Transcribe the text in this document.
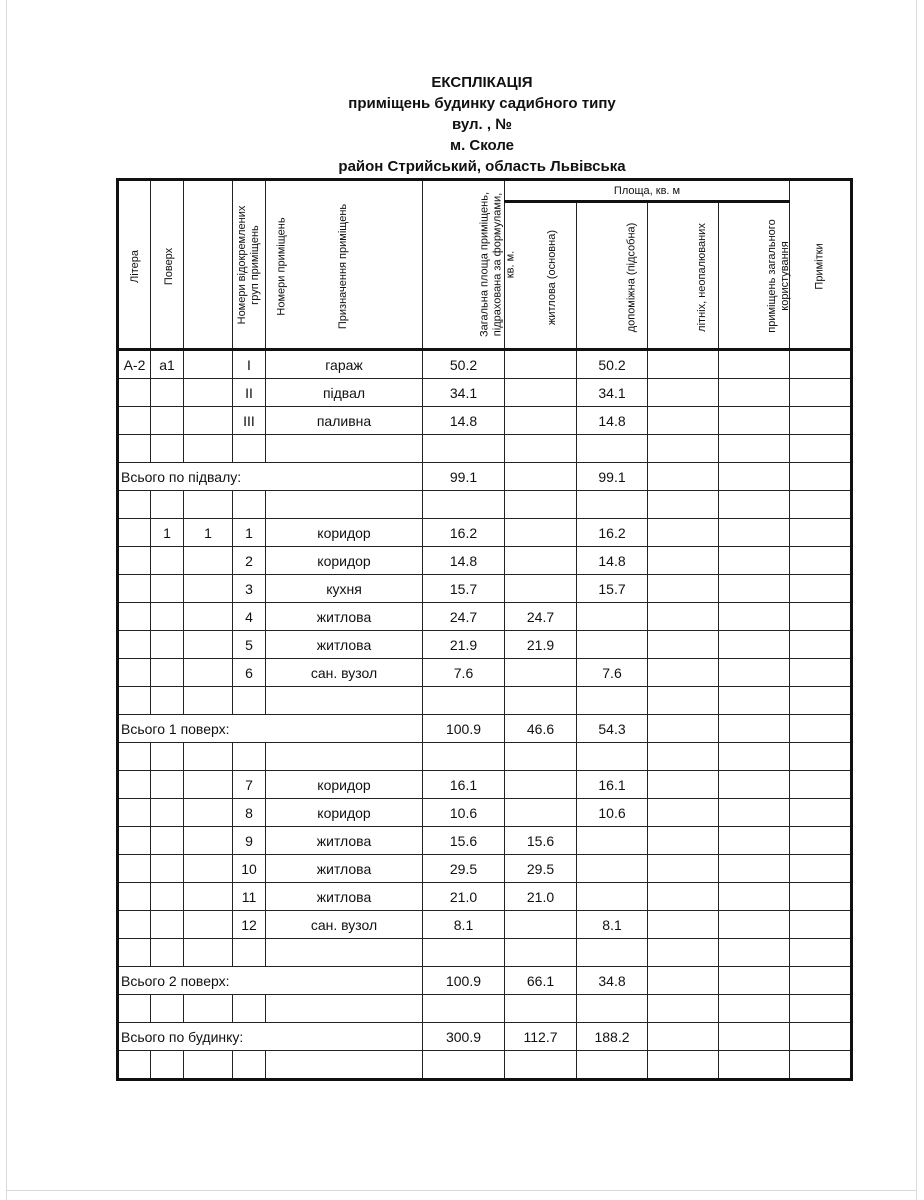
ЕКСПЛІКАЦІЯ
приміщень будинку садибного типу
вул. , №
м. Сколе
район Стрийський, область Львівська
Літера	Поверх	Номери відокремлених груп приміщень	Номери приміщень	Призначення приміщень	Загальна площа приміщень, підрахована за формулами, кв. м.	Площа, кв. м				Примітки
						житлова (основна)	допоміжна (підсобна)	літніх, неопалюваних	приміщень загального користування	
А-2	а1		I	гараж	50.2		50.2			
			II	підвал	34.1		34.1			
			III	паливна	14.8		14.8			

Всього по підвалу:					99.1		99.1			

	1	1	1	коридор	16.2		16.2			
			2	коридор	14.8		14.8			
			3	кухня	15.7		15.7			
			4	житлова	24.7	24.7				
			5	житлова	21.9	21.9				
			6	сан. вузол	7.6		7.6			

Всього 1 поверх:					100.9	46.6	54.3			

			7	коридор	16.1		16.1			
			8	коридор	10.6		10.6			
			9	житлова	15.6	15.6				
			10	житлова	29.5	29.5				
			11	житлова	21.0	21.0				
			12	сан. вузол	8.1		8.1			

Всього 2 поверх:					100.9	66.1	34.8			

Всього по будинку:					300.9	112.7	188.2			
